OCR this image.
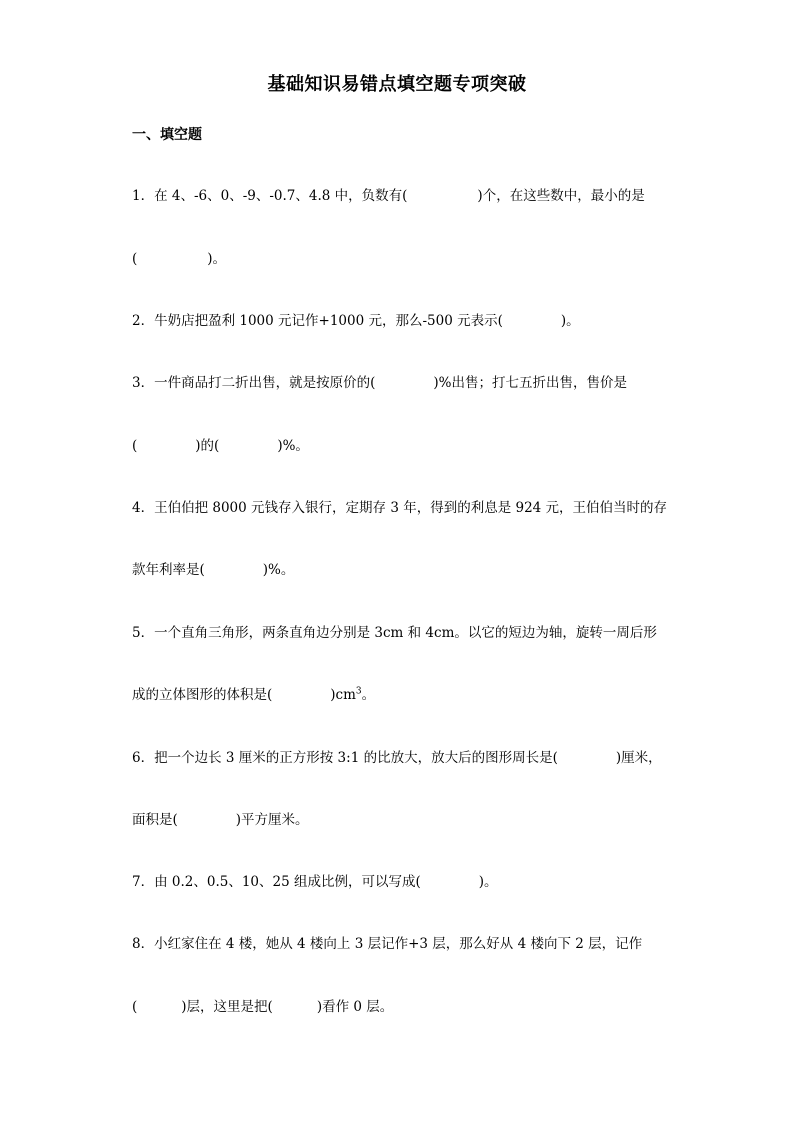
基础知识易错点填空题专项突破
一、填空题
1．在 4、-6、0、-9、-0.7、4.8 中，负数有(	)个，在这些数中，最小的是
(	)。
2．牛奶店把盈利 1000 元记作+1000 元，那么-500 元表示(	)。
3．一件商品打二折出售，就是按原价的(	)%出售；打七五折出售，售价是
(	)的(	)%。
4．王伯伯把 8000 元钱存入银行，定期存 3 年，得到的利息是 924 元，王伯伯当时的存
款年利率是(	)%。
5．一个直角三角形，两条直角边分别是 3cm 和 4cm。以它的短边为轴，旋转一周后形
成的立体图形的体积是(	)$cm^3$。
6．把一个边长 3 厘米的正方形按 3:1 的比放大，放大后的图形周长是(	)厘米，
面积是(	)平方厘米。
7．由 0.2、0.5、10、25 组成比例，可以写成(	)。
8．小红家住在 4 楼，她从 4 楼向上 3 层记作+3 层，那么好从 4 楼向下 2 层，记作
(	)层，这里是把(	)看作 0 层。
